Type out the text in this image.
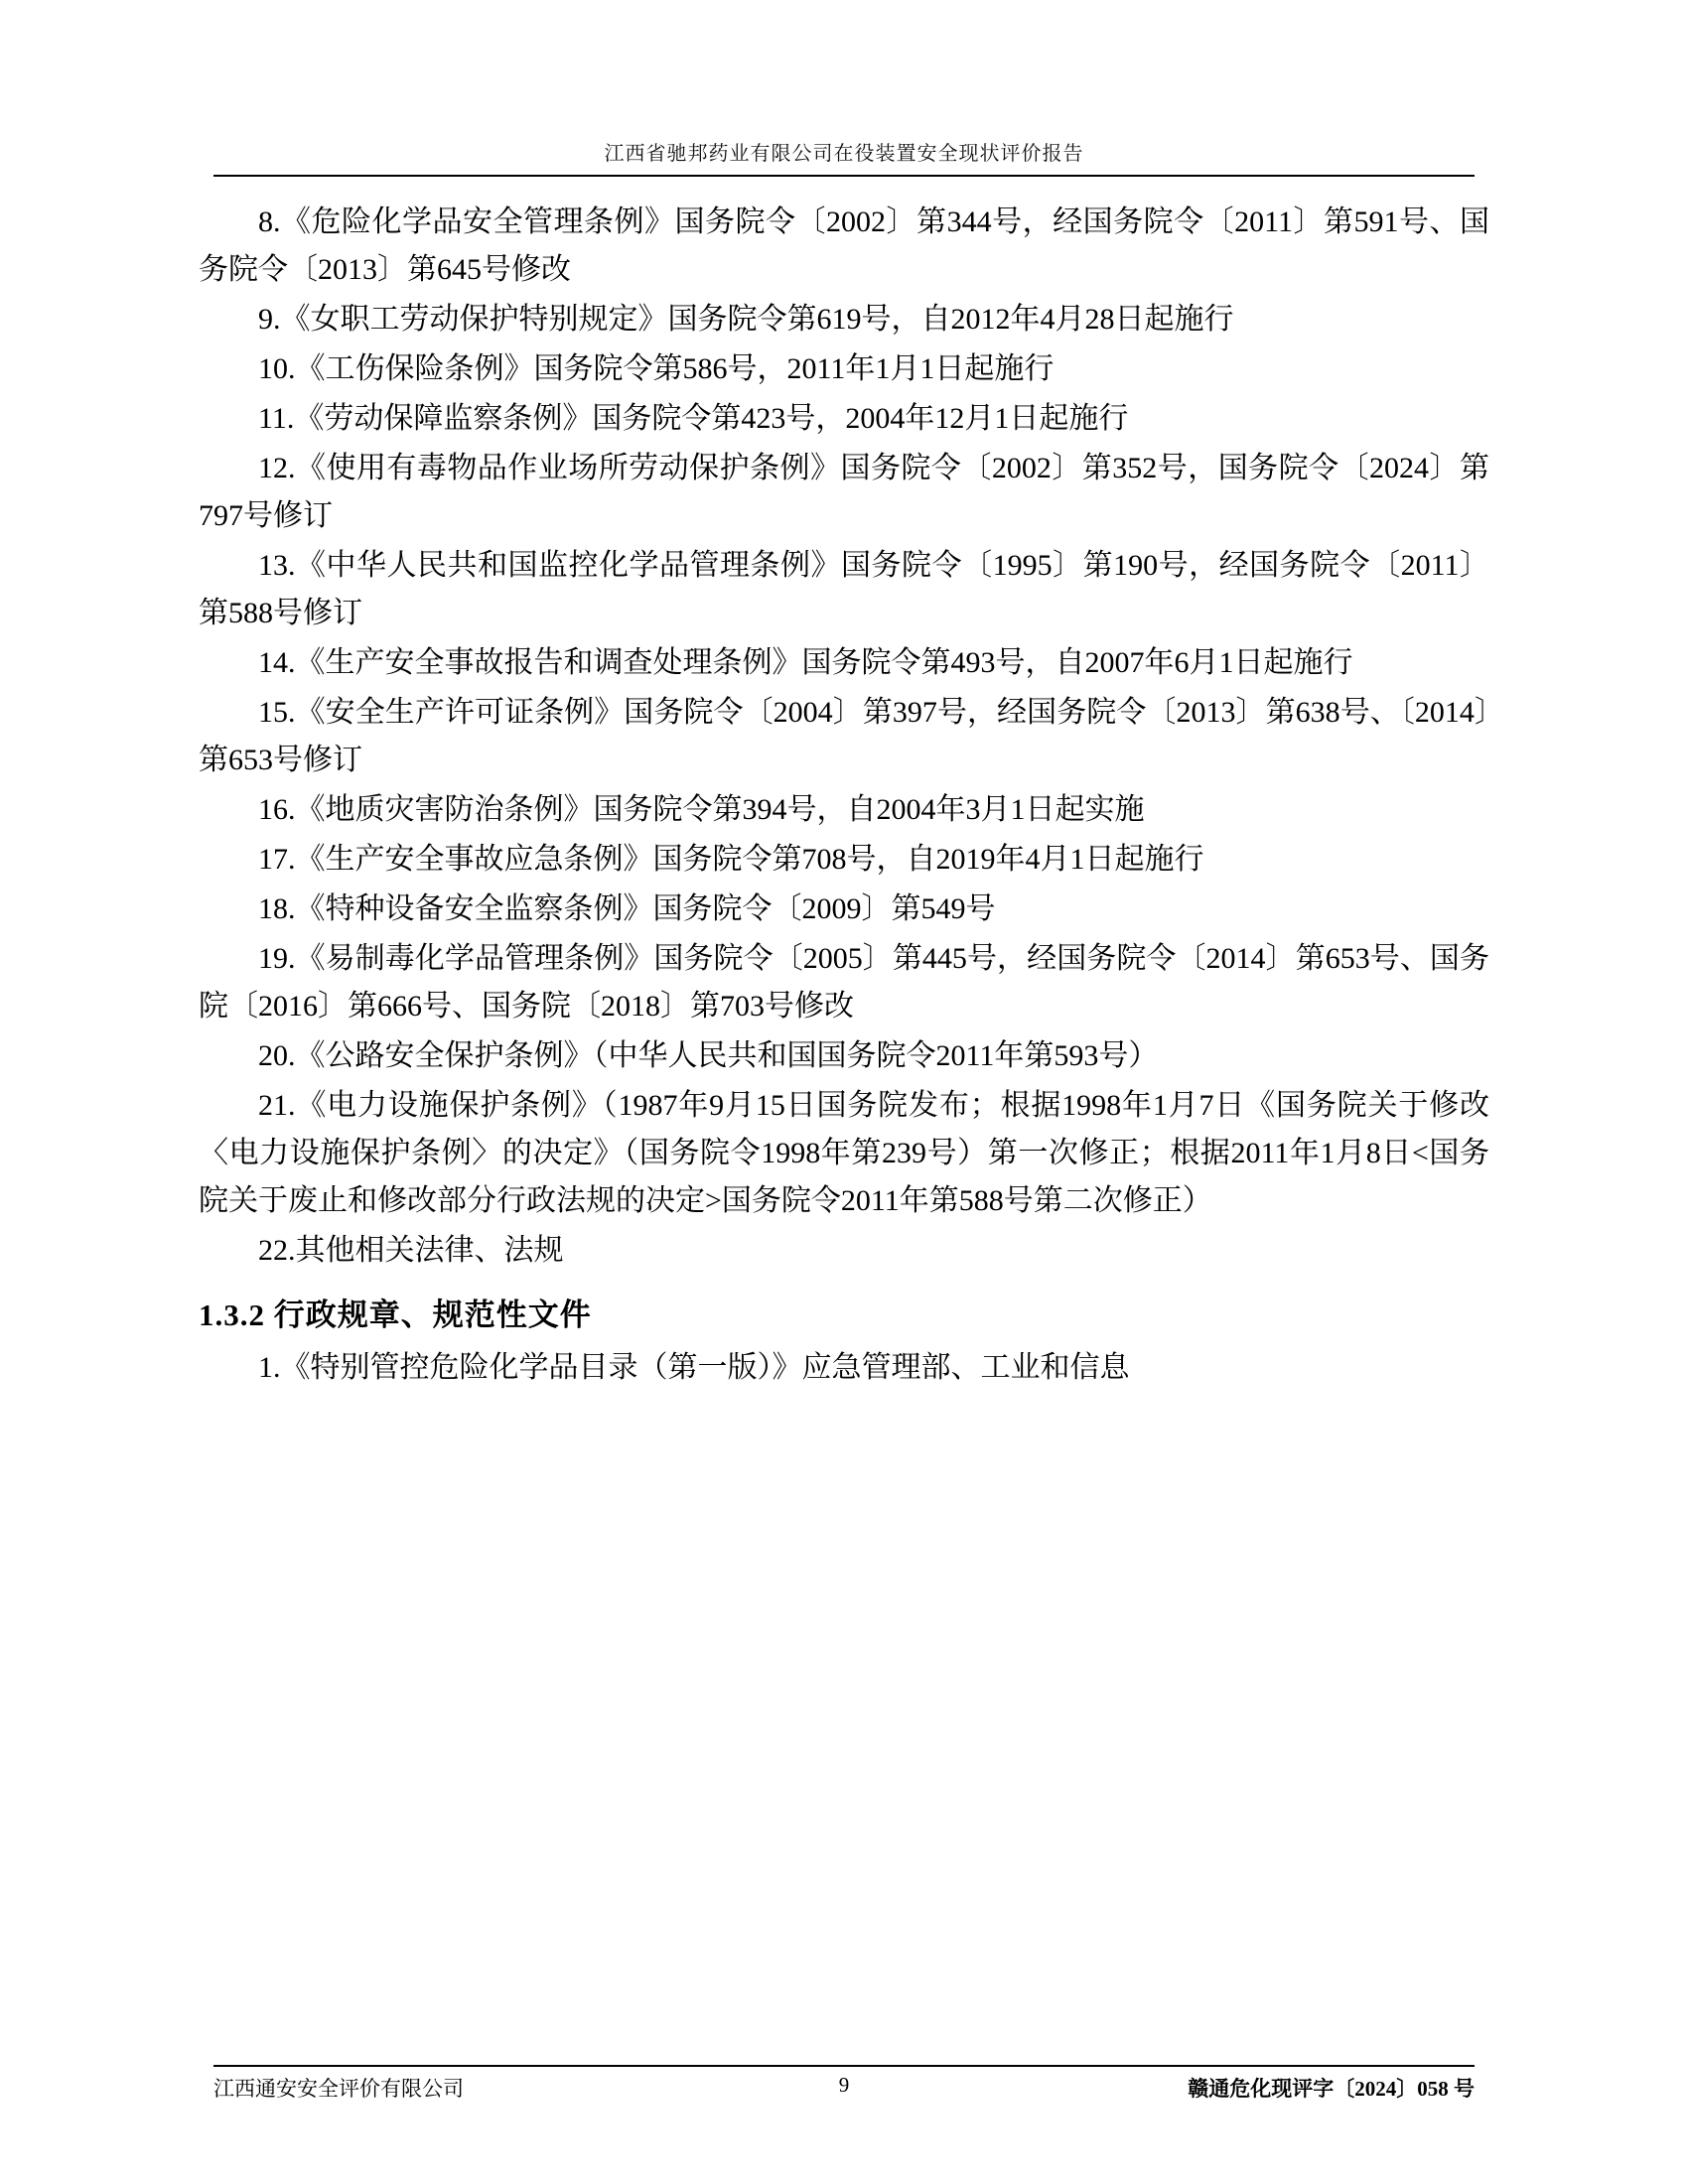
江西省驰邦药业有限公司在役装置安全现状评价报告

8.《危险化学品安全管理条例》国务院令〔2002〕第344号，经国务院令〔2011〕第591号、国务院令〔2013〕第645号修改

9.《女职工劳动保护特别规定》国务院令第619号，自2012年4月28日起施行

10.《工伤保险条例》国务院令第586号，2011年1月1日起施行

11.《劳动保障监察条例》国务院令第423号，2004年12月1日起施行

12.《使用有毒物品作业场所劳动保护条例》国务院令〔2002〕第352号，国务院令〔2024〕第797号修订

13.《中华人民共和国监控化学品管理条例》国务院令〔1995〕第190号，经国务院令〔2011〕第588号修订

14.《生产安全事故报告和调查处理条例》国务院令第493号，自2007年6月1日起施行

15.《安全生产许可证条例》国务院令〔2004〕第397号，经国务院令〔2013〕第638号、〔2014〕第653号修订

16.《地质灾害防治条例》国务院令第394号，自2004年3月1日起实施

17.《生产安全事故应急条例》国务院令第708号，自2019年4月1日起施行

18.《特种设备安全监察条例》国务院令〔2009〕第549号

19.《易制毒化学品管理条例》国务院令〔2005〕第445号，经国务院令〔2014〕第653号、国务院〔2016〕第666号、国务院〔2018〕第703号修改

20.《公路安全保护条例》（中华人民共和国国务院令2011年第593号）

21.《电力设施保护条例》（1987年9月15日国务院发布；根据1998年1月7日《国务院关于修改〈电力设施保护条例〉的决定》（国务院令1998年第239号）第一次修正；根据2011年1月8日<国务院关于废止和修改部分行政法规的决定>国务院令2011年第588号第二次修正）

22.其他相关法律、法规

1.3.2 行政规章、规范性文件

1.《特别管控危险化学品目录（第一版）》应急管理部、工业和信息

江西通安安全评价有限公司	9	赣通危化现评字〔2024〕058 号
